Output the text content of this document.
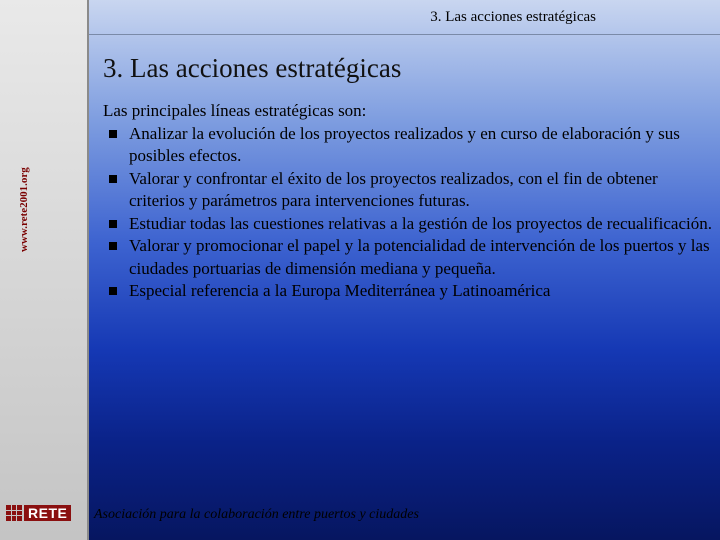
www.rete2001.org
RETE
3. Las acciones estratégicas
3. Las acciones estratégicas

Las principales líneas estratégicas son:

Analizar la evolución de los proyectos realizados y en curso de elaboración y sus posibles efectos.
Valorar y confrontar el éxito de los proyectos realizados, con el fin de obtener criterios y parámetros para intervenciones futuras.
Estudiar todas las cuestiones relativas a la gestión de los proyectos de recualificación.
Valorar y promocionar el papel y la potencialidad de intervención de los puertos y las ciudades portuarias de dimensión mediana y pequeña.
Especial referencia a la Europa Mediterránea y Latinoamérica
Asociación para la colaboración entre puertos y ciudades
